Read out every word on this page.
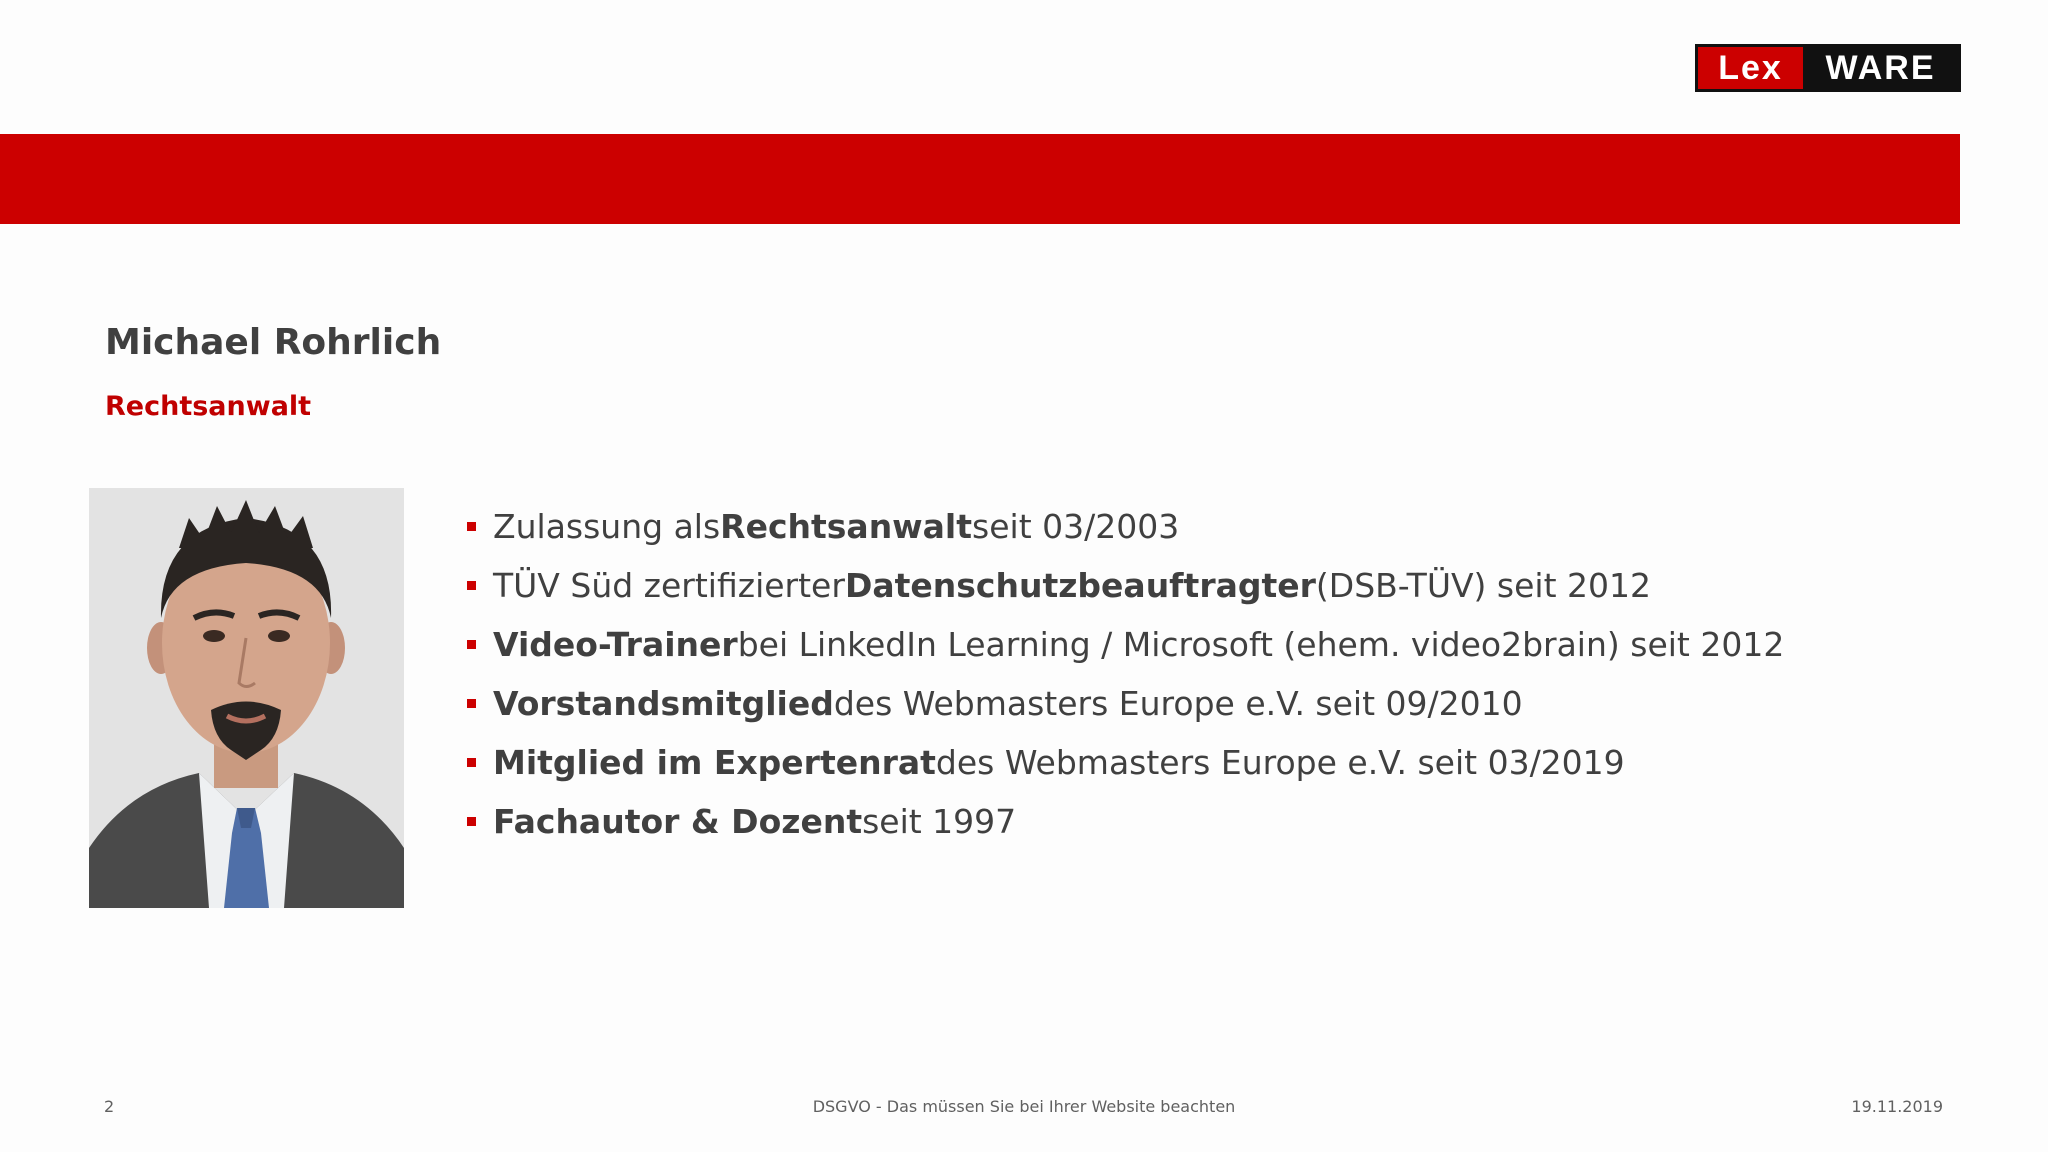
Lex	WARE
Michael Rohrlich
Rechtsanwalt
Zulassung als Rechtsanwalt seit 03/2003
TÜV Süd zertifizierter Datenschutzbeauftragter (DSB-TÜV) seit 2012
Video-Trainer bei LinkedIn Learning / Microsoft (ehem. video2brain) seit 2012
Vorstandsmitglied des Webmasters Europe e.V. seit 09/2010
Mitglied im Expertenrat des Webmasters Europe e.V. seit 03/2019
Fachautor & Dozent seit 1997
2	DSGVO - Das müssen Sie bei Ihrer Website beachten	19.11.2019
